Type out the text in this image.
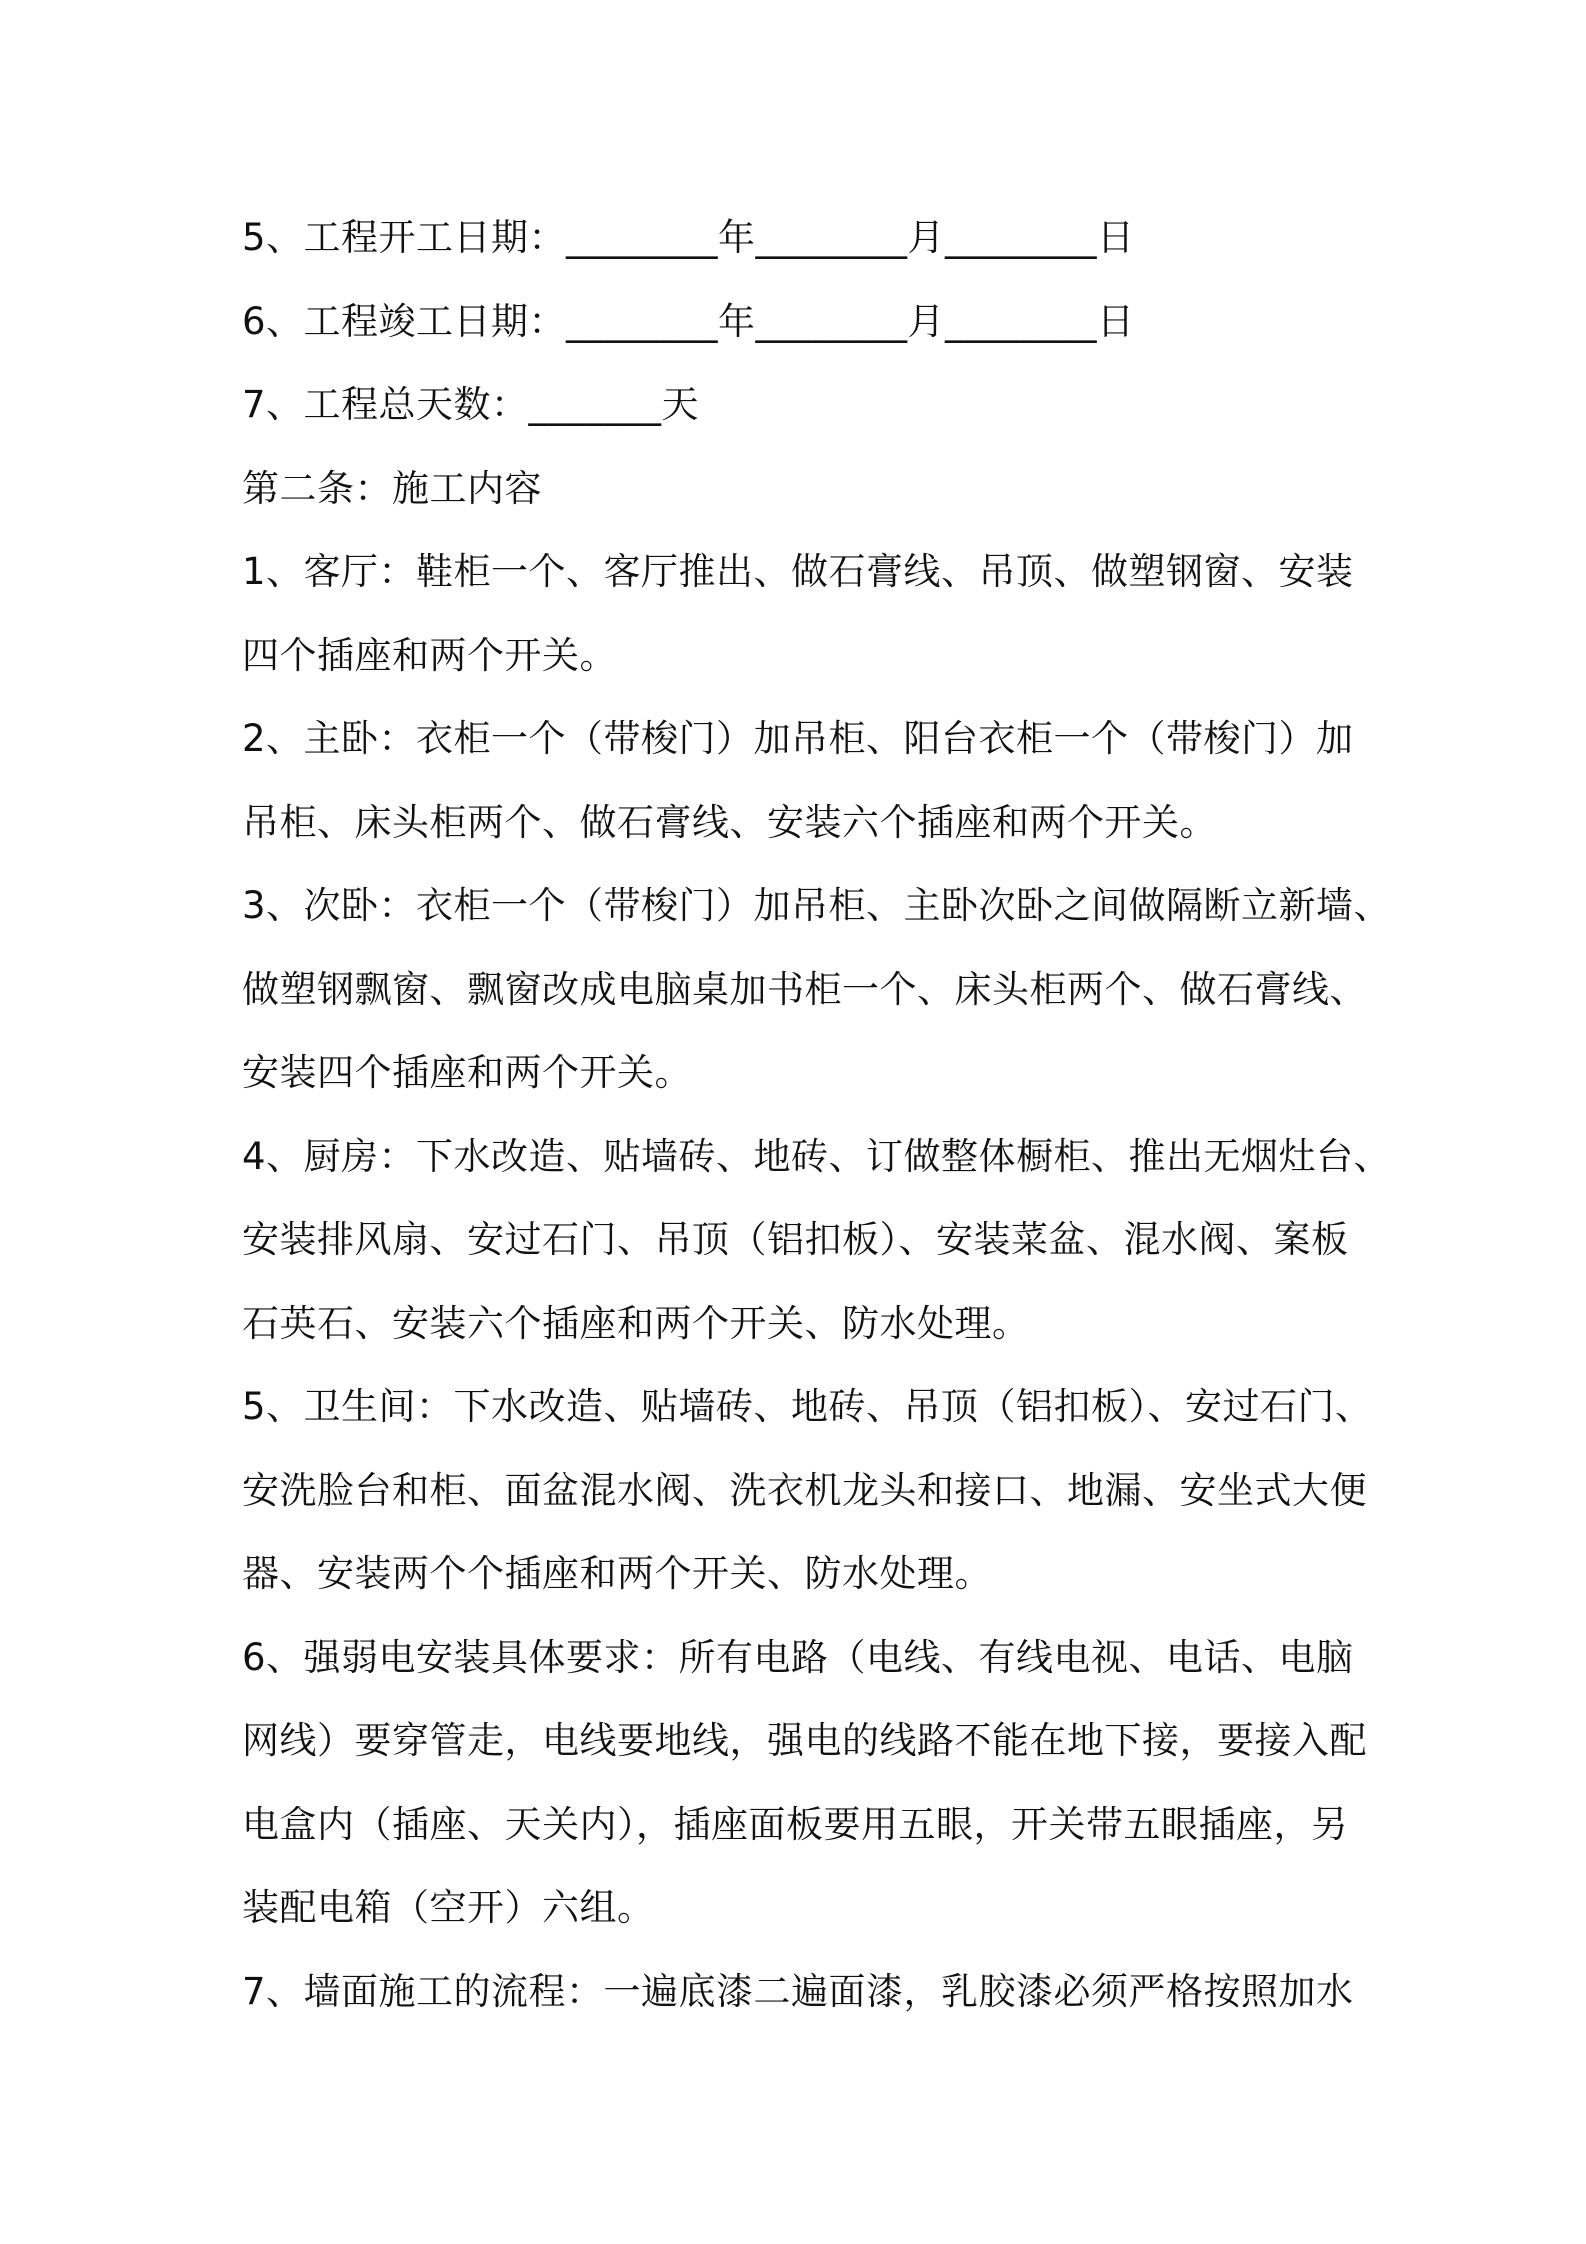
5、工程开工日期：________年________月________日
6、工程竣工日期：________年________月________日
7、工程总天数：_______天
第二条：施工内容
1、客厅：鞋柜一个、客厅推出、做石膏线、吊顶、做塑钢窗、安装
四个插座和两个开关。
2、主卧：衣柜一个（带梭门）加吊柜、阳台衣柜一个（带梭门）加
吊柜、床头柜两个、做石膏线、安装六个插座和两个开关。
3、次卧：衣柜一个（带梭门）加吊柜、主卧次卧之间做隔断立新墙、
做塑钢飘窗、飘窗改成电脑桌加书柜一个、床头柜两个、做石膏线、
安装四个插座和两个开关。
4、厨房：下水改造、贴墙砖、地砖、订做整体橱柜、推出无烟灶台、
安装排风扇、安过石门、吊顶（铝扣板）、安装菜盆、混水阀、案板
石英石、安装六个插座和两个开关、防水处理。
5、卫生间：下水改造、贴墙砖、地砖、吊顶（铝扣板）、安过石门、
安洗脸台和柜、面盆混水阀、洗衣机龙头和接口、地漏、安坐式大便
器、安装两个个插座和两个开关、防水处理。
6、强弱电安装具体要求：所有电路（电线、有线电视、电话、电脑
网线）要穿管走，电线要地线，强电的线路不能在地下接，要接入配
电盒内（插座、天关内），插座面板要用五眼，开关带五眼插座，另
装配电箱（空开）六组。
7、墙面施工的流程：一遍底漆二遍面漆，乳胶漆必须严格按照加水
